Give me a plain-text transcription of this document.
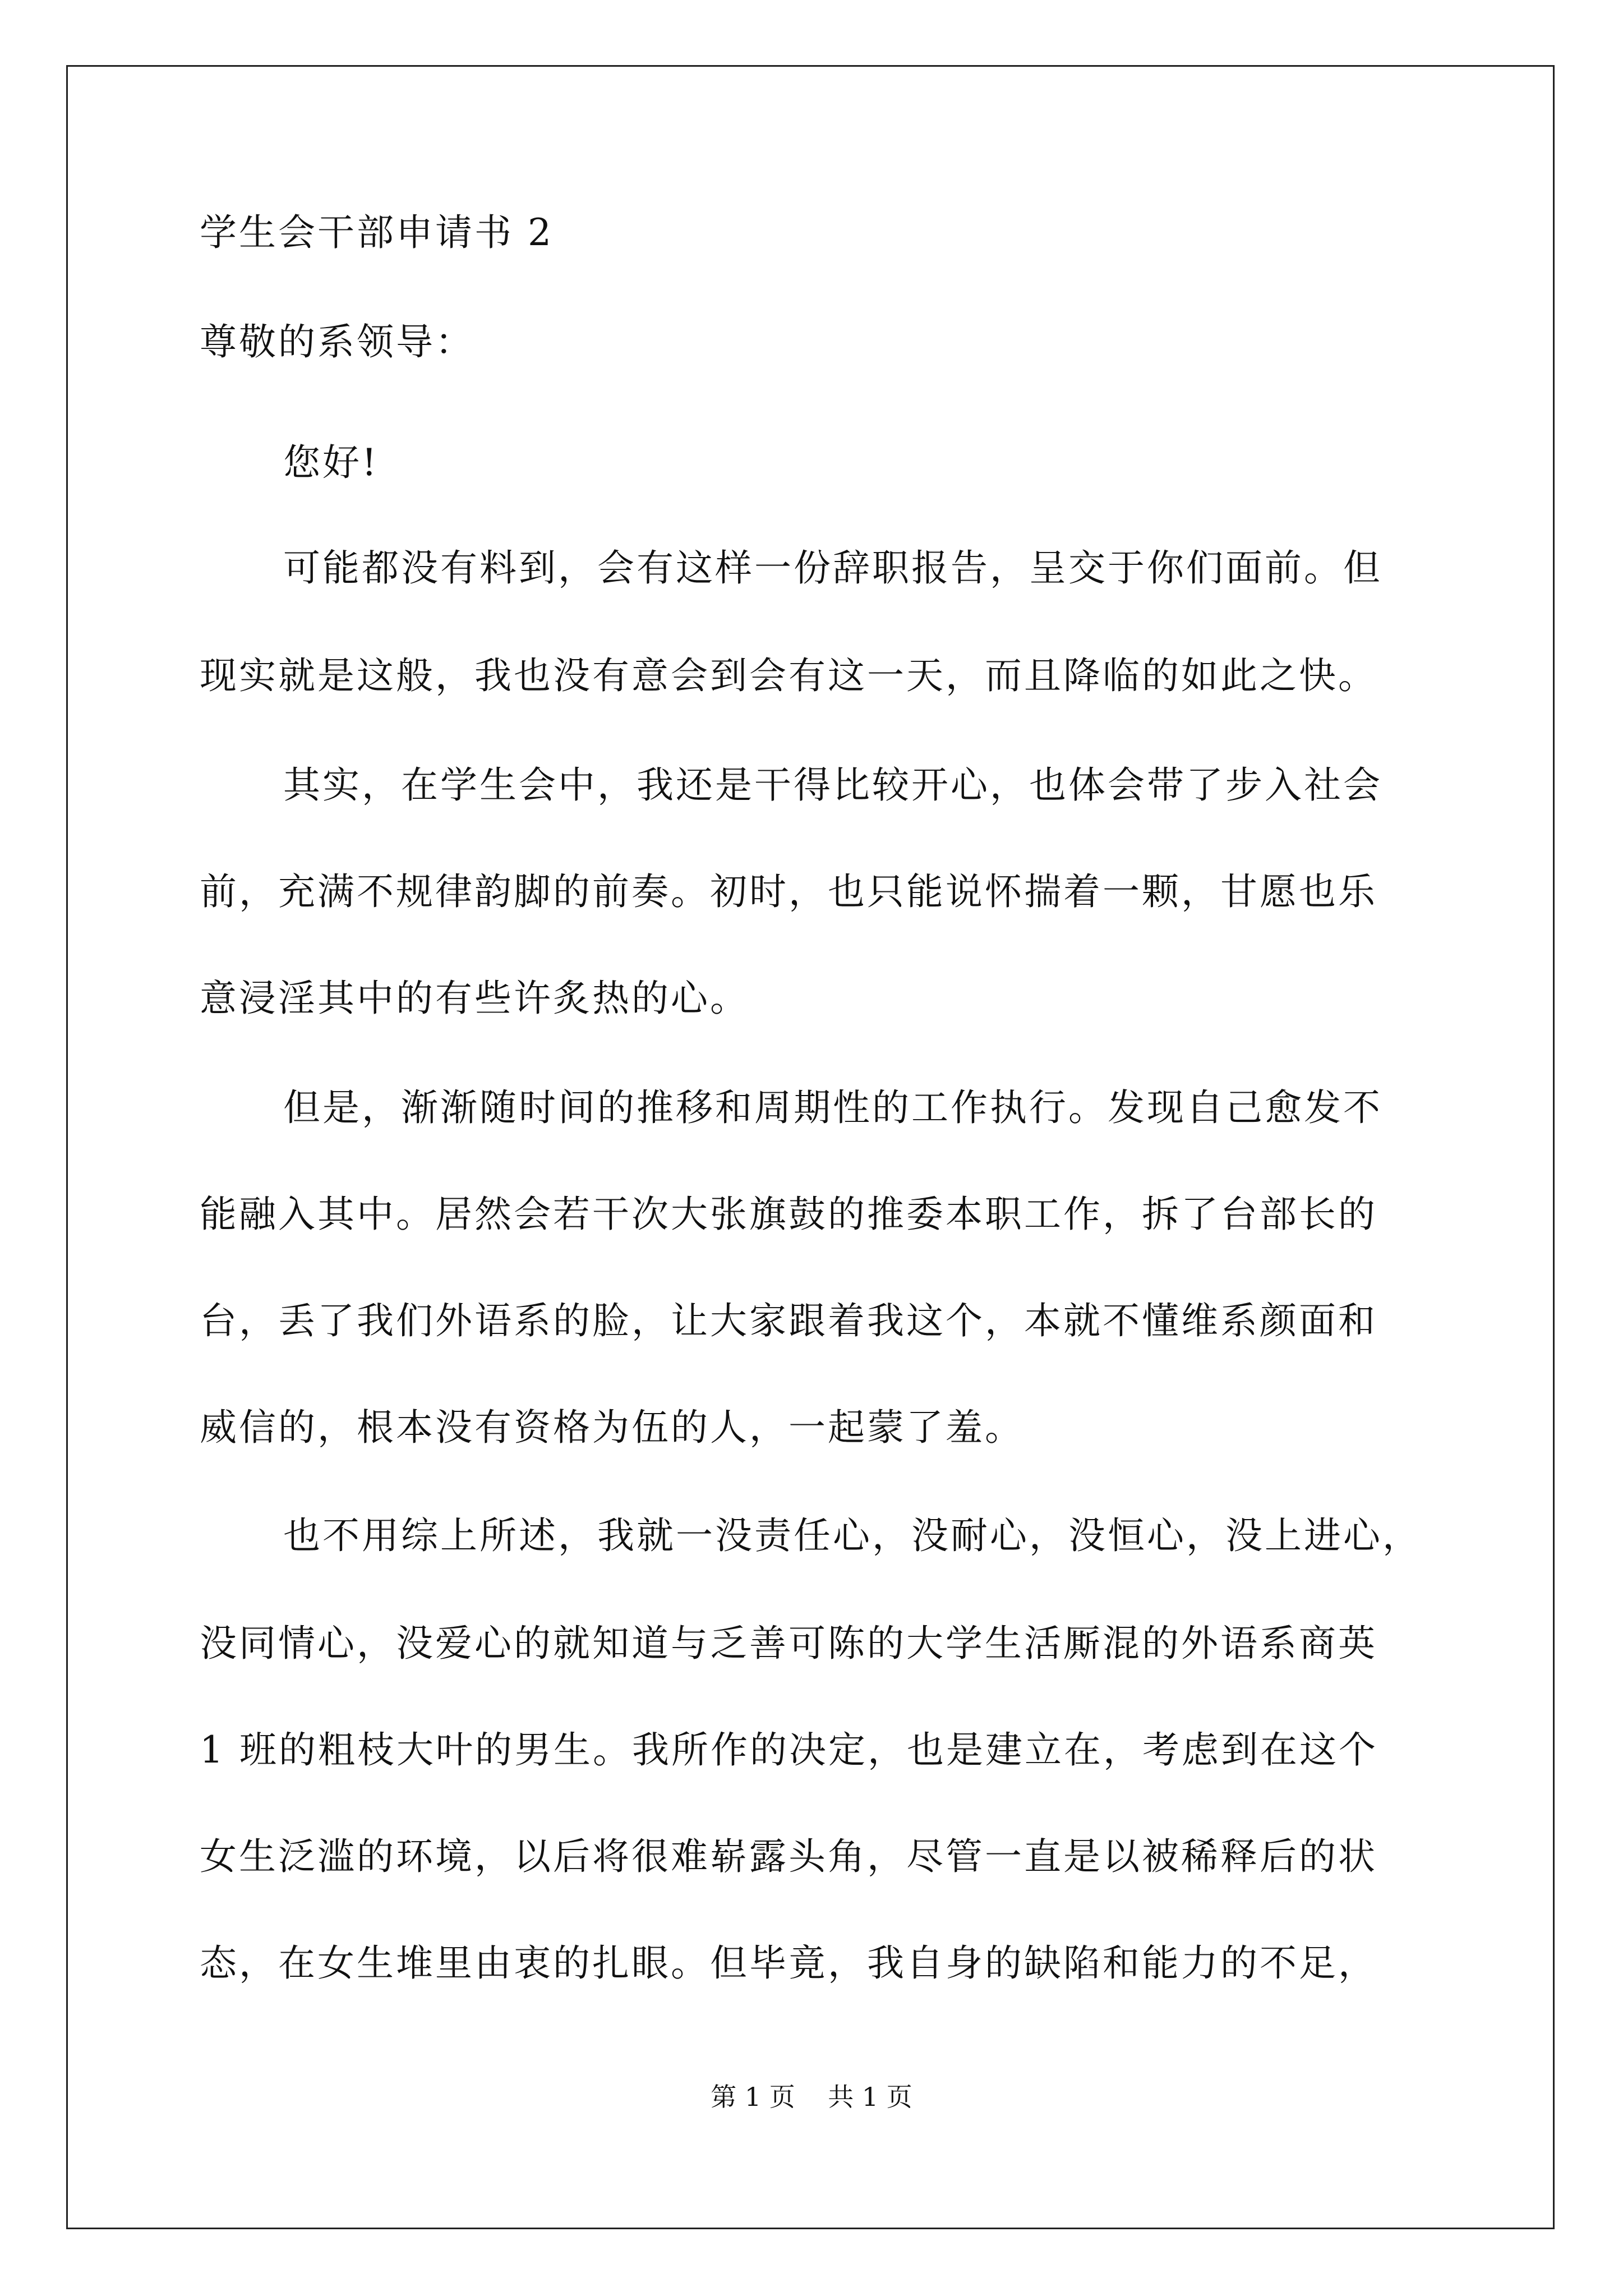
学生会干部申请书 2
尊敬的系领导：
您好!
可能都没有料到，会有这样一份辞职报告，呈交于你们面前。但
现实就是这般，我也没有意会到会有这一天，而且降临的如此之快。
其实，在学生会中，我还是干得比较开心，也体会带了步入社会
前，充满不规律韵脚的前奏。初时，也只能说怀揣着一颗，甘愿也乐
意浸淫其中的有些许炙热的心。
但是，渐渐随时间的推移和周期性的工作执行。发现自己愈发不
能融入其中。居然会若干次大张旗鼓的推委本职工作，拆了台部长的
台，丢了我们外语系的脸，让大家跟着我这个，本就不懂维系颜面和
威信的，根本没有资格为伍的人，一起蒙了羞。
也不用综上所述，我就一没责任心，没耐心，没恒心，没上进心，
没同情心，没爱心的就知道与乏善可陈的大学生活厮混的外语系商英
1 班的粗枝大叶的男生。我所作的决定，也是建立在，考虑到在这个
女生泛滥的环境，以后将很难崭露头角，尽管一直是以被稀释后的状
态，在女生堆里由衷的扎眼。但毕竟，我自身的缺陷和能力的不足，
第 1 页    共 1 页
